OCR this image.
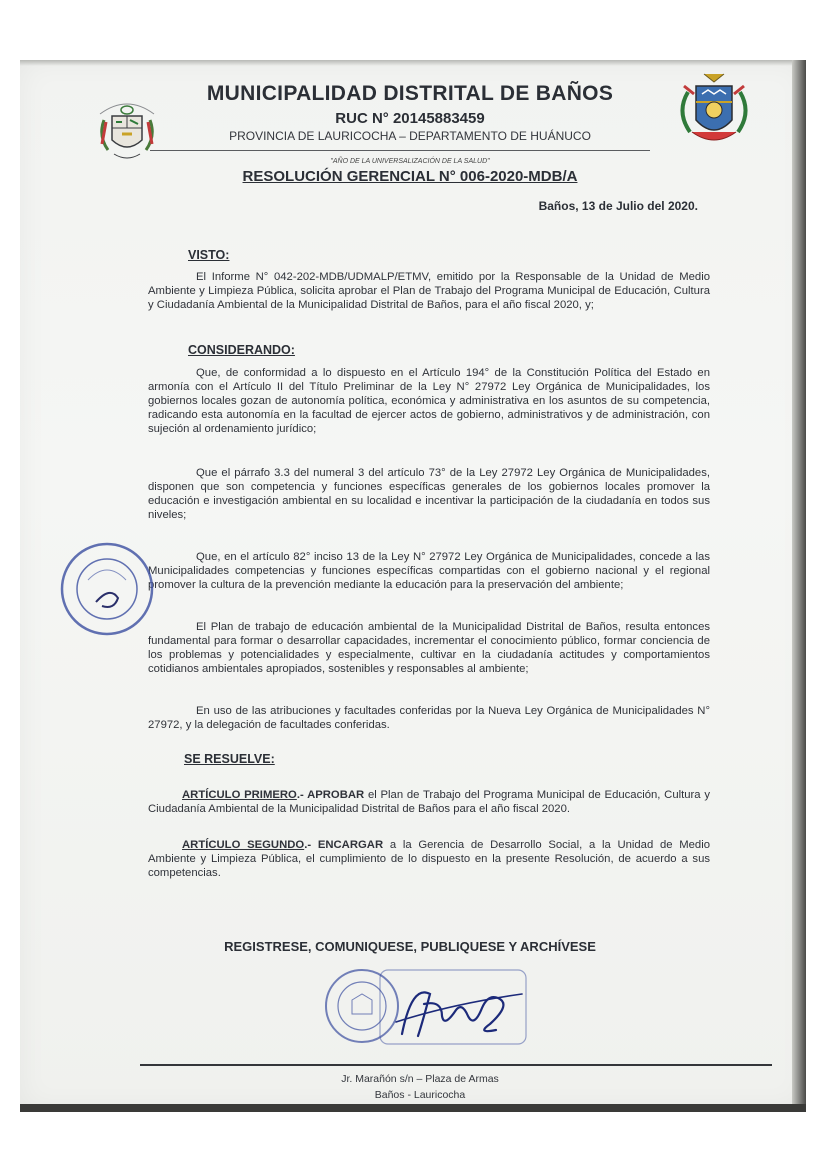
MUNICIPALIDAD DISTRITAL DE BAÑOS
RUC N° 20145883459
PROVINCIA DE LAURICOCHA – DEPARTAMENTO DE HUÁNUCO
"AÑO DE LA UNIVERSALIZACIÓN DE LA SALUD"
RESOLUCIÓN GERENCIAL N° 006-2020-MDB/A
Baños, 13 de Julio del 2020.
VISTO:
El Informe N° 042-202-MDB/UDMALP/ETMV, emitido por la Responsable de la Unidad de Medio Ambiente y Limpieza Pública, solicita aprobar el Plan de Trabajo del Programa Municipal de Educación, Cultura y Ciudadanía Ambiental de la Municipalidad Distrital de Baños, para el año fiscal 2020, y;
CONSIDERANDO:
Que, de conformidad a lo dispuesto en el Artículo 194° de la Constitución Política del Estado en armonía con el Artículo II del Título Preliminar de la Ley N° 27972 Ley Orgánica de Municipalidades, los gobiernos locales gozan de autonomía política, económica y administrativa en los asuntos de su competencia, radicando esta autonomía en la facultad de ejercer actos de gobierno, administrativos y de administración, con sujeción al ordenamiento jurídico;
Que el párrafo 3.3 del numeral 3 del artículo 73° de la Ley 27972 Ley Orgánica de Municipalidades, disponen que son competencia y funciones específicas generales de los gobiernos locales promover la educación e investigación ambiental en su localidad e incentivar la participación de la ciudadanía en todos sus niveles;
Que, en el artículo 82° inciso 13 de la Ley N° 27972 Ley Orgánica de Municipalidades, concede a las Municipalidades competencias y funciones específicas compartidas con el gobierno nacional y el regional promover la cultura de la prevención mediante la educación para la preservación del ambiente;
El Plan de trabajo de educación ambiental de la Municipalidad Distrital de Baños, resulta entonces fundamental para formar o desarrollar capacidades, incrementar el conocimiento público, formar conciencia de los problemas y potencialidades y especialmente, cultivar en la ciudadanía actitudes y comportamientos cotidianos ambientales apropiados, sostenibles y responsables al ambiente;
En uso de las atribuciones y facultades conferidas por la Nueva Ley Orgánica de Municipalidades N° 27972, y la delegación de facultades conferidas.
SE RESUELVE:
ARTÍCULO PRIMERO.- APROBAR el Plan de Trabajo del Programa Municipal de Educación, Cultura y Ciudadanía Ambiental de la Municipalidad Distrital de Baños para el año fiscal 2020.
ARTÍCULO SEGUNDO.- ENCARGAR a la Gerencia de Desarrollo Social, a la Unidad de Medio Ambiente y Limpieza Pública, el cumplimiento de lo dispuesto en la presente Resolución, de acuerdo a sus competencias.
REGISTRESE, COMUNIQUESE, PUBLIQUESE Y ARCHÍVESE
Jr. Marañón s/n – Plaza de Armas
Baños - Lauricocha
